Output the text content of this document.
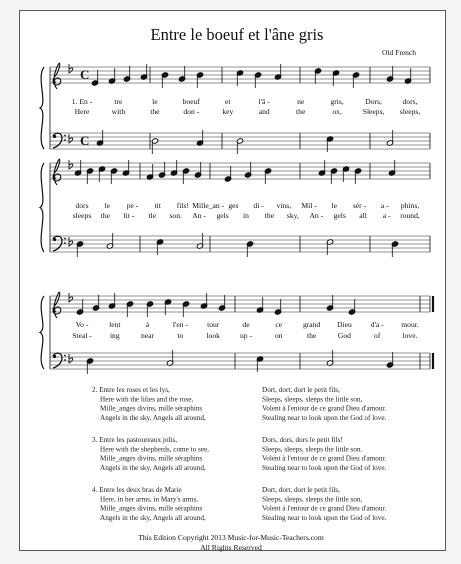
Entre le boeuf et l'âne gris
Old French
C
C
1. En -	tre	le	boeuf	et	l'â -	ne	gris,	Dors,	dors,
Here	with	the	don -	key	and	the	ox,	Sleeps, sleeps,
dors le pe - tit fils! Mille_an - ges di - vins, Mil - le sér - a - phins,
sleeps the lit - tle son. An - gels in the sky, An - gels all a - round,
Vo -	lent	à	l'en -	tour	de	ce	grand Dieu d'a - mour.
Steal - ing	near	to	look	up -	on	the	God	of	love.
2. Entre les roses et les lys,	Dort, dort, dort le petit fils,
Here with the lilies and the rose,	Sleeps, sleeps, sleeps the little son,
Mille_anges divins, mille séraphins	Volent à l'entour de ce grand Dieu d'amour.
Angels in the sky, Angels all around,	Stealing near to look upon the God of love.
3. Entre les pastoureaux jolis,	Dors, dors, dors le petit fils!
Here with the shepherds, come to see,	Sleeps, sleeps, sleeps the little son.
Mille_anges divins, mille séraphins	Volent à l'entour de ce grand Dieu d'amour.
Angels in the sky, Angels all around,	Stealing near to look upon the God of love.
4. Entre les deux bras de Marie	Dort, dort, dort le petit fils,
Here, in her arms, in Mary's arms,	Sleeps, sleeps, sleeps the little son,
Mille_anges divins, mille séraphins	Volent à l'entour de ce grand Dieu d'amour.
Angels in the sky, Angels all around,	Stealing near to look upon the God of love.
This Edition Copyright 2013 Music-for-Music-Teachers.com
All Rights Reserved
